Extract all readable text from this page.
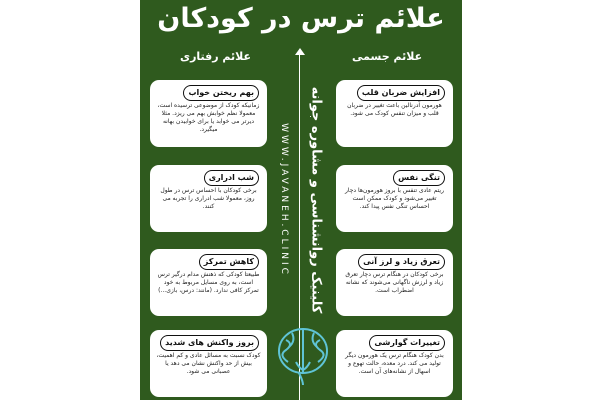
علائم ترس در کودکان
علائم جسمی
علائم رفتاری
افزایش ضربان قلب
هورمون آدرنالین باعث تغییر در ضربان قلب و میزان تنفس کودک می شود.
تنگی نفس
ریتم عادی تنفس با بروز هورمون‌ها دچار تغییر می‌شود و کودک ممکن است احساس تنگی نفس پیدا کند.
تعرق زیاد و لرز آنی
برخی کودکان در هنگام ترس دچار تعرق زیاد و لرزش ناگهانی می‌شوند که نشانه اضطراب است.
تغییرات گوارشی
بدن کودک هنگام ترس یک هورمون دیگر تولید می کند. درد معده، حالت تهوع و اسهال از نشانه‌های آن است.
بهم ریختن خواب
زمانیکه کودک از موضوعی ترسیده است، معمولا نظم خوابش بهم می ریزد. مثلا دیرتر می خوابد یا برای خوابیدن بهانه میگیرد.
شب ادراری
برخی کودکان با احساس ترس در طول روز، معمولا شب ادراری را تجربه می کنند.
کاهش تمرکز
طبیعتا کودکی که ذهنش مدام درگیر ترس است، به روی مسایل مربوط به خود تمرکز کافی ندارد. (مانند: درس، بازی...)
بروز واکنش های شدید
کودک نسبت به مسائل عادی و کم اهمیت، بیش از حد واکنش نشان می دهد یا عصبانی می شود.
WWW.JAVANEH.CLINIC کلینیک روانشناسی و مشاوره جوانه
